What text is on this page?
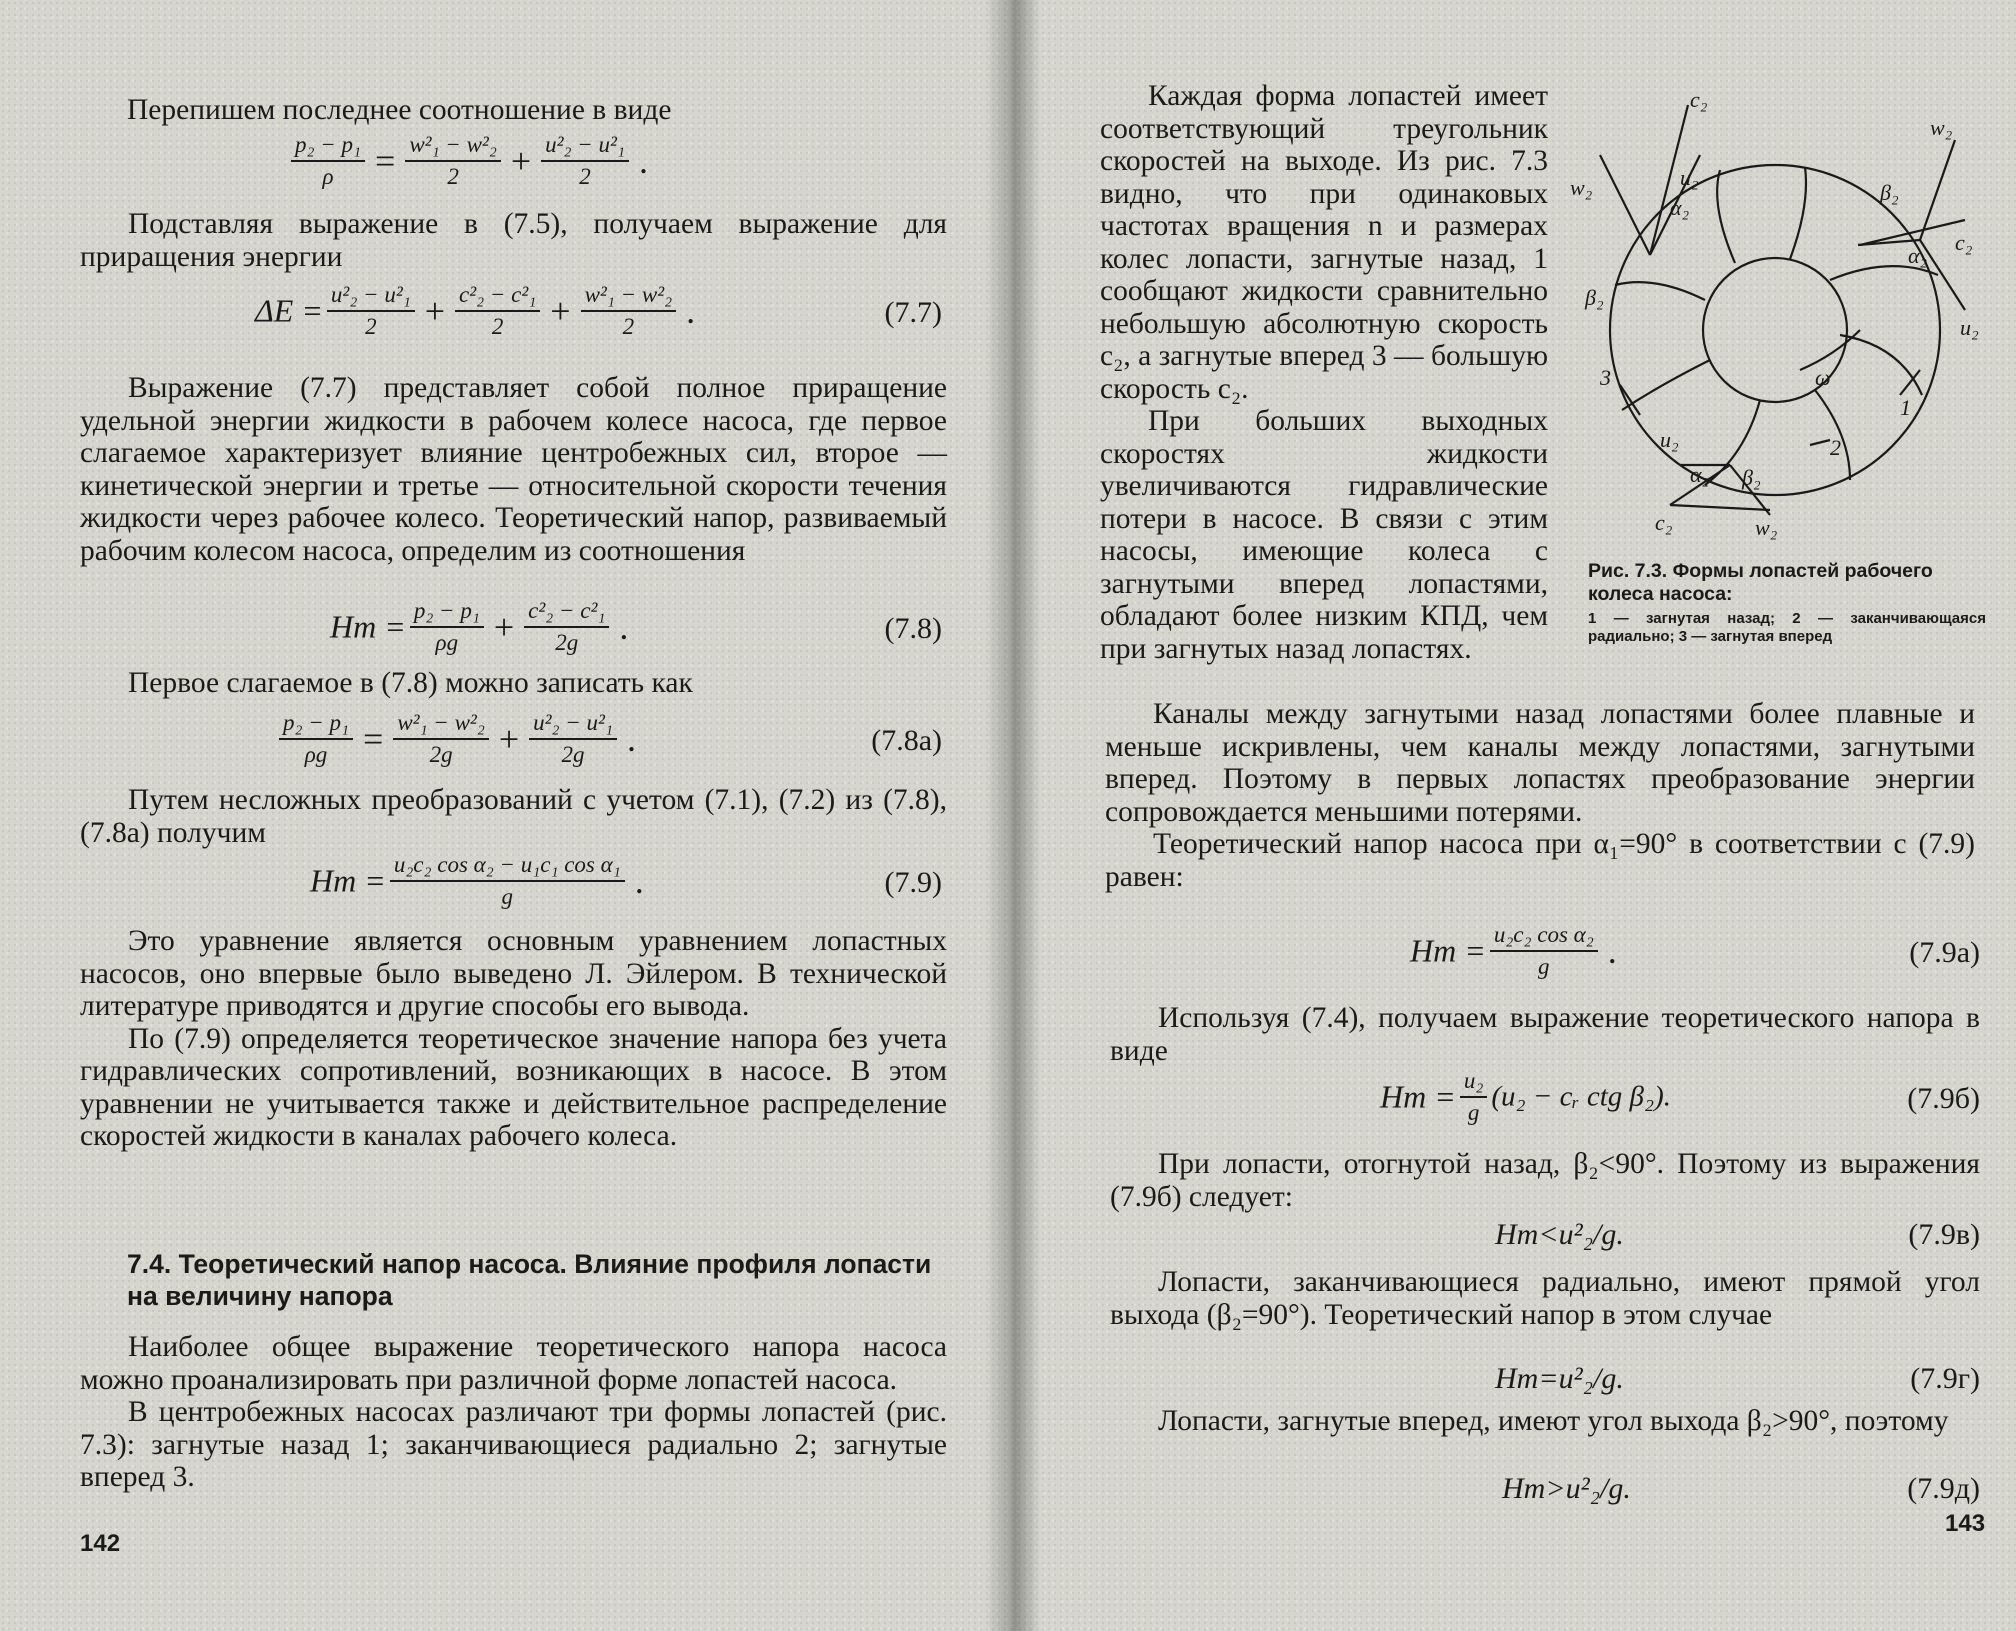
Перепишем последнее соотношение в виде

$\frac{\text{p₂ − p₁}}{\rho} = \frac{\text{w²₁ − w²₂}}{2} + \frac{\text{u²₂ − u²₁}}{2}$ .

Подставляя выражение в (7.5), получаем выражение для приращения энергии

$\Delta E = \frac{\text{u²₂ − u²₁}}{2} + \frac{\text{c²₂ − c²₁}}{2} + \frac{\text{w²₁ − w²₂}}{2}$ .	(7.7)

Выражение (7.7) представляет собой полное приращение удельной энергии жидкости в рабочем колесе насоса, где первое слагаемое характеризует влияние центробежных сил, второе — кинетической энергии и третье — относительной скорости течения жидкости через рабочее колесо. Теоретический напор, развиваемый рабочим колесом насоса, определим из соотношения

Hт = $\frac{\text{p₂ − p₁}}{\rho g} + \frac{\text{c²₂ − c²₁}}{2g}$ .	(7.8)

Первое слагаемое в (7.8) можно записать как

$\frac{\text{p₂ − p₁}}{\rho g} = \frac{\text{w²₁ − w²₂}}{2g} + \frac{\text{u²₂ − u²₁}}{2g}$ .	(7.8а)

Путем несложных преобразований с учетом (7.1), (7.2) из (7.8), (7.8а) получим

Hт = $\frac{\text{u₂c₂ cos α₂ − u₁c₁ cos α₁}}{g}$ .	(7.9)

Это уравнение является основным уравнением лопастных насосов, оно впервые было выведено Л. Эйлером. В технической литературе приводятся и другие способы его вывода.

По (7.9) определяется теоретическое значение напора без учета гидравлических сопротивлений, возникающих в насосе. В этом уравнении не учитывается также и действительное распределение скоростей жидкости в каналах рабочего колеса.

7.4. Теоретический напор насоса. Влияние профиля лопасти на величину напора

Наиболее общее выражение теоретического напора насоса можно проанализировать при различной форме лопастей насоса.

В центробежных насосах различают три формы лопастей (рис. 7.3): загнутые назад 1; заканчивающиеся радиально 2; загнутые вперед 3.

142

Каждая форма лопастей имеет соответствующий треугольник скоростей на выходе. Из рис. 7.3 видно, что при одинаковых частотах вращения n и размерах колес лопасти, загнутые назад, 1 сообщают жидкости сравнительно небольшую абсолютную скорость c₂, а загнутые вперед 3 — большую скорость c₂.

При больших выходных скоростях жидкости увеличиваются гидравлические потери в насосе. В связи с этим насосы, имеющие колеса с загнутыми вперед лопастями, обладают более низким КПД, чем при загнутых назад лопастях.

c₂
w₂	u₂
α₂
β₂
w₂
β₂
c₂
α₂
u₂
ω
1
2
3
u₂
α₂ β₂
c₂	w₂
Рис. 7.3. Формы лопастей рабочего колеса насоса:
1 — загнутая назад; 2 — заканчивающаяся радиально; 3 — загнутая вперед

Каналы между загнутыми назад лопастями более плавные и меньше искривлены, чем каналы между лопастями, загнутыми вперед. Поэтому в первых лопастях преобразование энергии сопровождается меньшими потерями.

Теоретический напор насоса при α₁=90° в соответствии с (7.9) равен:

Hт = $\frac{\text{u₂c₂ cos α₂}}{g}$ .	(7.9а)

Используя (7.4), получаем выражение теоретического напора в виде

Hт = $\frac{\text{u₂}}{g} (u_2$ − cᵣ ctg β₂).	(7.9б)

При лопасти, отогнутой назад, β₂<90°. Поэтому из выражения (7.9б) следует:

Hт<u²₂/g.	(7.9в)

Лопасти, заканчивающиеся радиально, имеют прямой угол выхода (β₂=90°). Теоретический напор в этом случае

Hт=u²₂/g.	(7.9г)

Лопасти, загнутые вперед, имеют угол выхода β₂>90°, поэтому

Hт>u²₂/g.	(7.9д)
143
